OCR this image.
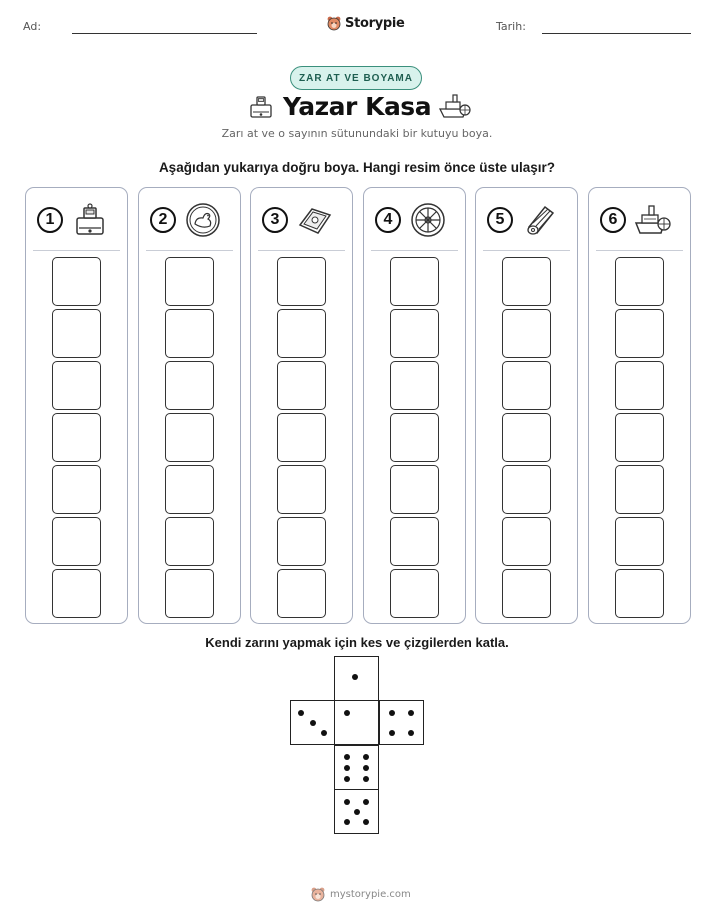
Ad:	Storypie	Tarih:
ZAR AT VE BOYAMA
Yazar Kasa
Zarı at ve o sayının sütunundaki bir kutuyu boya.
Aşağıdan yukarıya doğru boya. Hangi resim önce üste ulaşır?
1	2	3	4	5	6
Kendi zarını yapmak için kes ve çizgilerden katla.
mystorypie.com
